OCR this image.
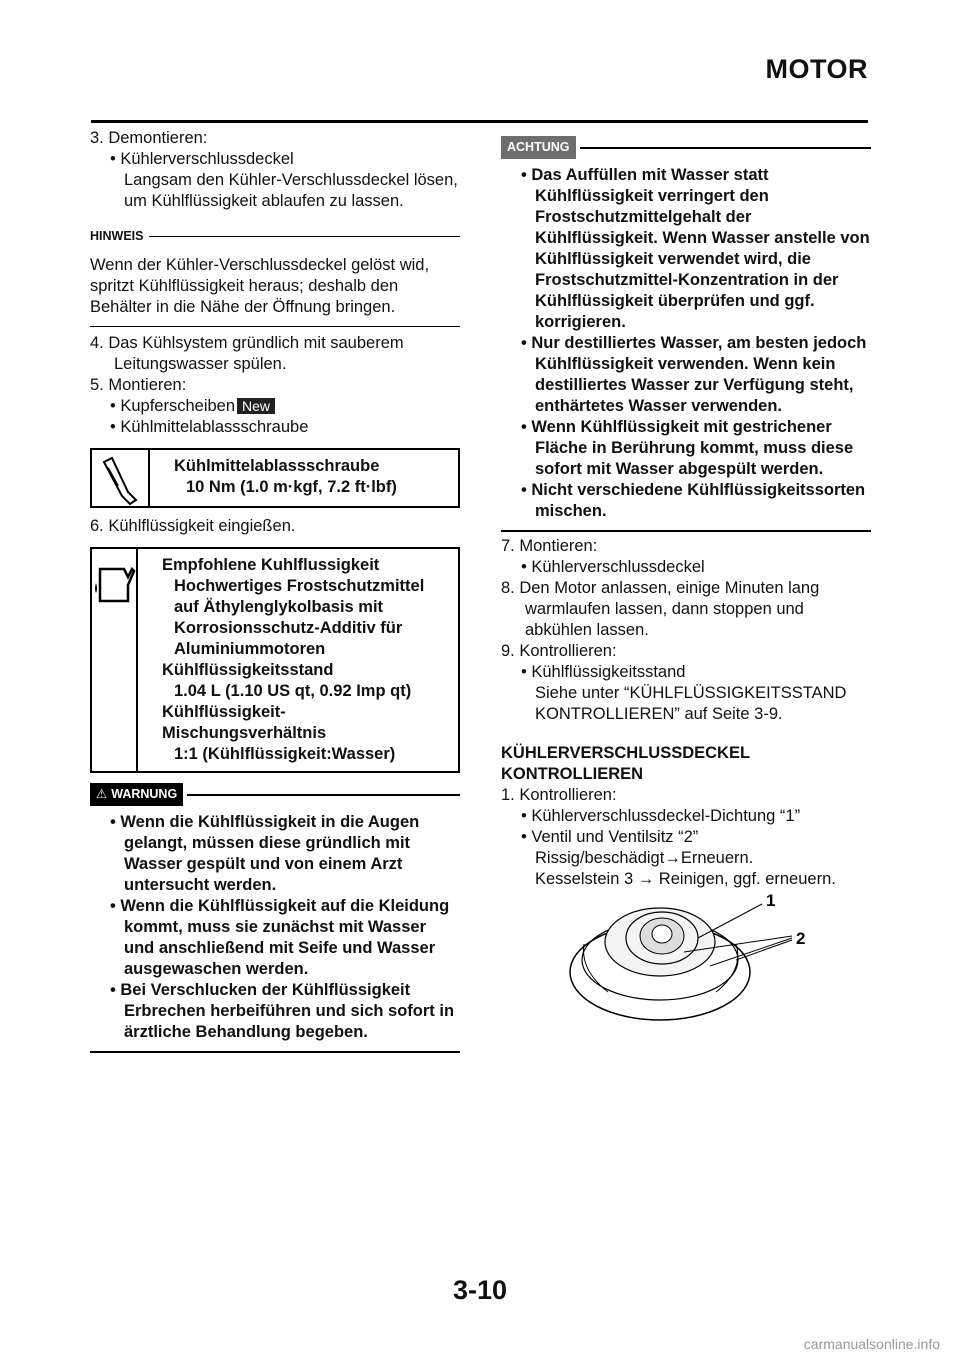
MOTOR

3. Demontieren:

• Kühlerverschlussdeckel

Langsam den Kühler-Verschlussdeckel lösen, um Kühlflüssigkeit ablaufen zu lassen.

HINWEIS
Wenn der Kühler-Verschlussdeckel gelöst wid, spritzt Kühlflüssigkeit heraus; deshalb den Behälter in die Nähe der Öffnung bringen.

4. Das Kühlsystem gründlich mit sauberem Leitungswasser spülen.

5. Montieren:

• Kupferscheiben New

• Kühlmittelablassschraube

Kühlmittelablassschraube
10 Nm (1.0 m·kgf, 7.2 ft·lbf)

6. Kühlflüssigkeit eingießen.

Empfohlene Kuhlflussigkeit
Hochwertiges Frostschutzmittel auf Äthylenglykolbasis mit Korrosionsschutz-Additiv für Aluminiummotoren
Kühlflüssigkeitsstand
1.04 L (1.10 US qt, 0.92 Imp qt)
Kühlflüssigkeit-Mischungsverhältnis
1:1 (Kühlflüssigkeit:Wasser)
⚠ WARNUNG

• Wenn die Kühlflüssigkeit in die Augen gelangt, müssen diese gründlich mit Wasser gespült und von einem Arzt untersucht werden.

• Wenn die Kühlflüssigkeit auf die Kleidung kommt, muss sie zunächst mit Wasser und anschließend mit Seife und Wasser ausgewaschen werden.

• Bei Verschlucken der Kühlflüssigkeit Erbrechen herbeiführen und sich sofort in ärztliche Behandlung begeben.

ACHTUNG

• Das Auffüllen mit Wasser statt Kühlflüssigkeit verringert den Frostschutzmittelgehalt der Kühlflüssigkeit. Wenn Wasser anstelle von Kühlflüssigkeit verwendet wird, die Frostschutzmittel-Konzentration in der Kühlflüssigkeit überprüfen und ggf. korrigieren.

• Nur destilliertes Wasser, am besten jedoch Kühlflüssigkeit verwenden. Wenn kein destilliertes Wasser zur Verfügung steht, enthärtetes Wasser verwenden.

• Wenn Kühlflüssigkeit mit gestrichener Fläche in Berührung kommt, muss diese sofort mit Wasser abgespült werden.

• Nicht verschiedene Kühlflüssigkeitssorten mischen.

7. Montieren:

• Kühlerverschlussdeckel

8. Den Motor anlassen, einige Minuten lang warmlaufen lassen, dann stoppen und abkühlen lassen.

9. Kontrollieren:

• Kühlflüssigkeitsstand

Siehe unter “KÜHLFLÜSSIGKEITSSTAND KONTROLLIEREN” auf Seite 3-9.

KÜHLERVERSCHLUSSDECKEL KONTROLLIEREN

1. Kontrollieren:

• Kühlerverschlussdeckel-Dichtung “1”

• Ventil und Ventilsitz “2”

Rissig/beschädigt→Erneuern.

Kesselstein 3 → Reinigen, ggf. erneuern.

1
2
3-10
carmanualsonline.info
